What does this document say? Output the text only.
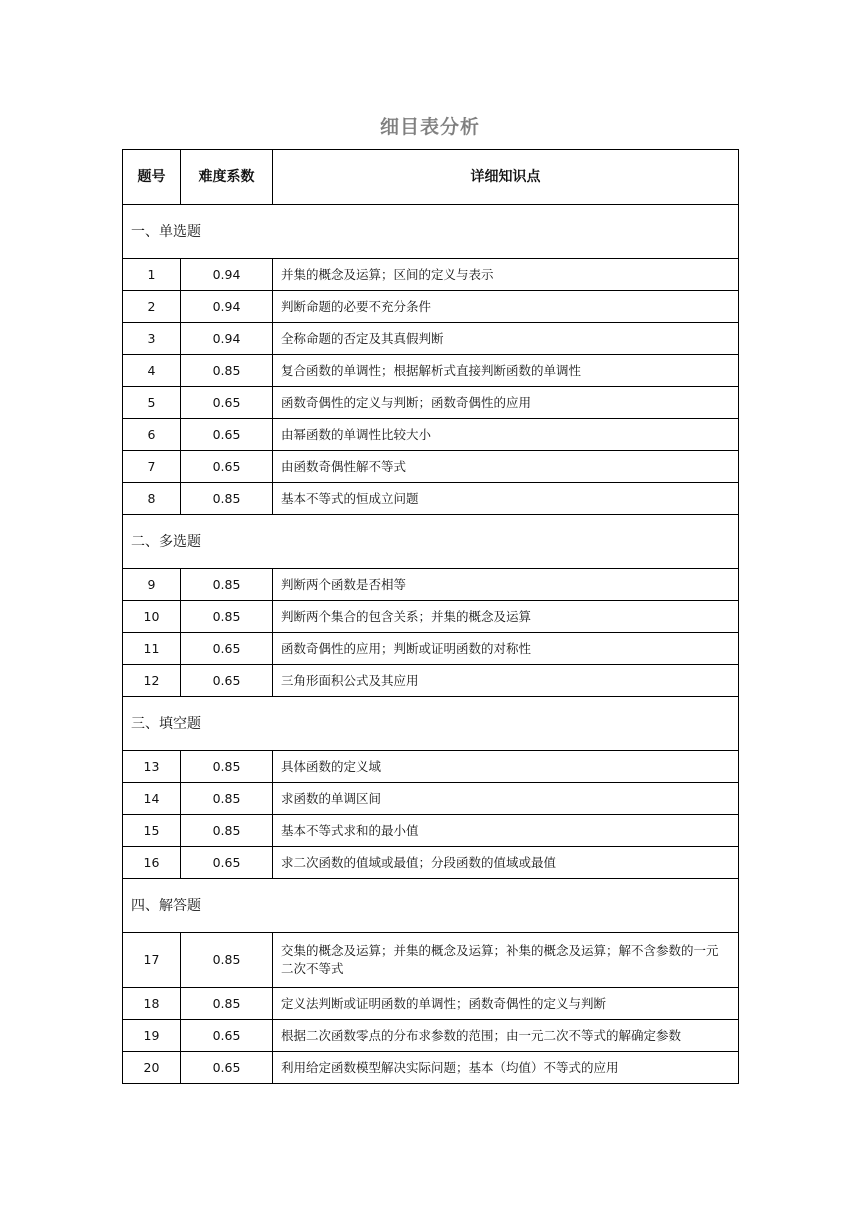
细目表分析
题号	难度系数	详细知识点
一、单选题		
1	0.94	并集的概念及运算；区间的定义与表示
2	0.94	判断命题的必要不充分条件
3	0.94	全称命题的否定及其真假判断
4	0.85	复合函数的单调性；根据解析式直接判断函数的单调性
5	0.65	函数奇偶性的定义与判断；函数奇偶性的应用
6	0.65	由幂函数的单调性比较大小
7	0.65	由函数奇偶性解不等式
8	0.85	基本不等式的恒成立问题
二、多选题		
9	0.85	判断两个函数是否相等
10	0.85	判断两个集合的包含关系；并集的概念及运算
11	0.65	函数奇偶性的应用；判断或证明函数的对称性
12	0.65	三角形面积公式及其应用
三、填空题		
13	0.85	具体函数的定义域
14	0.85	求函数的单调区间
15	0.85	基本不等式求和的最小值
16	0.65	求二次函数的值域或最值；分段函数的值域或最值
四、解答题		
17	0.85	交集的概念及运算；并集的概念及运算；补集的概念及运算；解不含参数的一元二次不等式
18	0.85	定义法判断或证明函数的单调性；函数奇偶性的定义与判断
19	0.65	根据二次函数零点的分布求参数的范围；由一元二次不等式的解确定参数
20	0.65	利用给定函数模型解决实际问题；基本（均值）不等式的应用
